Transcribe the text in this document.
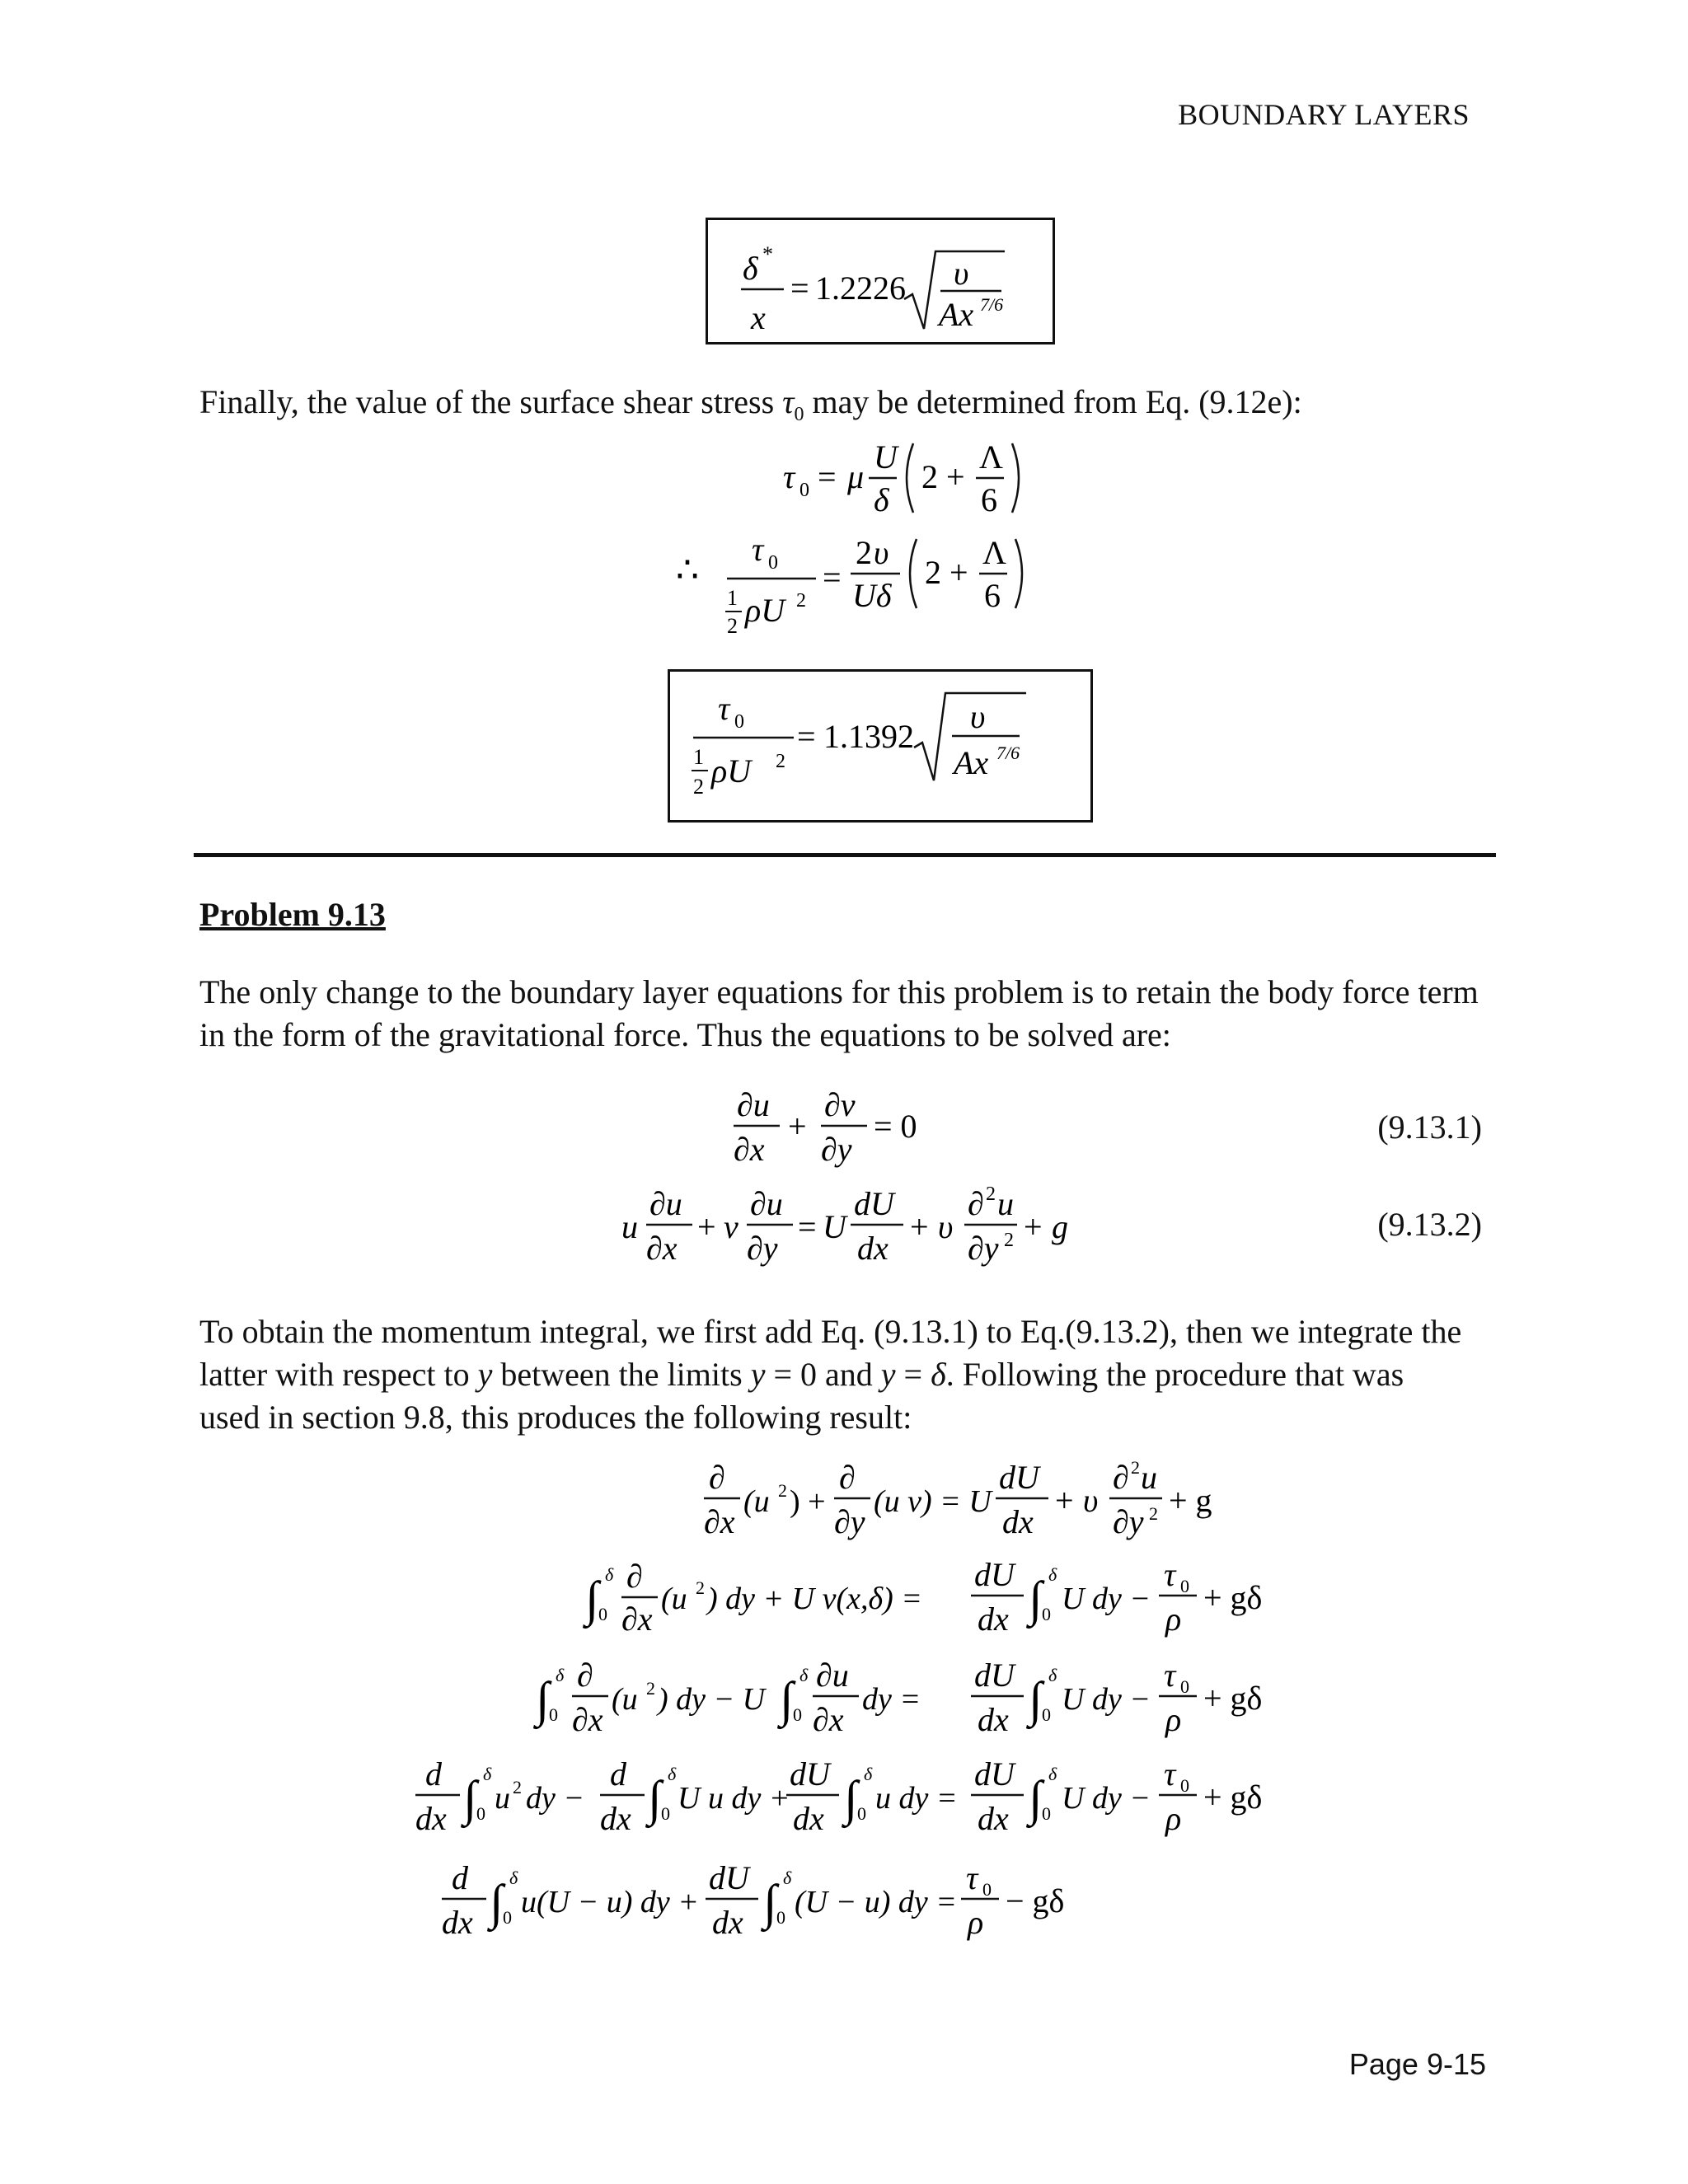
BOUNDARY LAYERS
δ *
x
= 1.2226 υ
Ax 7/6
Finally, the value of the surface shear stress $\tau_0$ may be determined from Eq. (9.12e):
τ 0 = μ
U
δ
2 +
Λ
6
∴
τ 0
1
2 ρU 2
=
2 υ
Uδ
2 +
Λ
6
τ 0
1
2 ρU 2
= 1.1392
υ
Ax 7/6
Problem 9.13
The only change to the boundary layer equations for this problem is to retain the body force term
in the form of the gravitational force. Thus the equations to be solved are:
∂u
∂x
+
∂v
∂y
= 0	(9.13.1)
u
∂u
∂x
+ v
∂u
∂y
= U
dU
dx
+ υ
∂ 2 u
∂y 2 + g	(9.13.2)
To obtain the momentum integral, we first add Eq. (9.13.1) to Eq.(9.13.2), then we integrate the
latter with respect to y between the limits y = 0 and y = δ. Following the procedure that was
used in section 9.8, this produces the following result:
∂
∂x
(u 2 ) +
∂
∂y
(u v) = U
dU
dx
+ υ
∂ 2 u
∂y 2 + g
∫ δ
0
∂
∂x
(u 2 ) dy + U v(x,δ) =
dU
dx ∫ δ
0 U dy −
τ 0
ρ
+ gδ
∫ δ
0
∂
∂x
(u 2 ) dy − U ∫ δ
0
∂u
∂x
dy =
dU
dx ∫ δ
0 U dy −
τ 0
ρ
+ gδ
d
dx ∫ δ
0 u 2 dy −
d
dx ∫ δ
0 U u dy +
dU
dx ∫ δ
0 u dy =
dU
dx ∫ δ
0 U dy −
τ 0
ρ
+ gδ
d
dx ∫ δ
0 u(U − u) dy +
dU
dx ∫ δ
0 (U − u) dy =
τ 0
ρ
− gδ
Page 9-15
